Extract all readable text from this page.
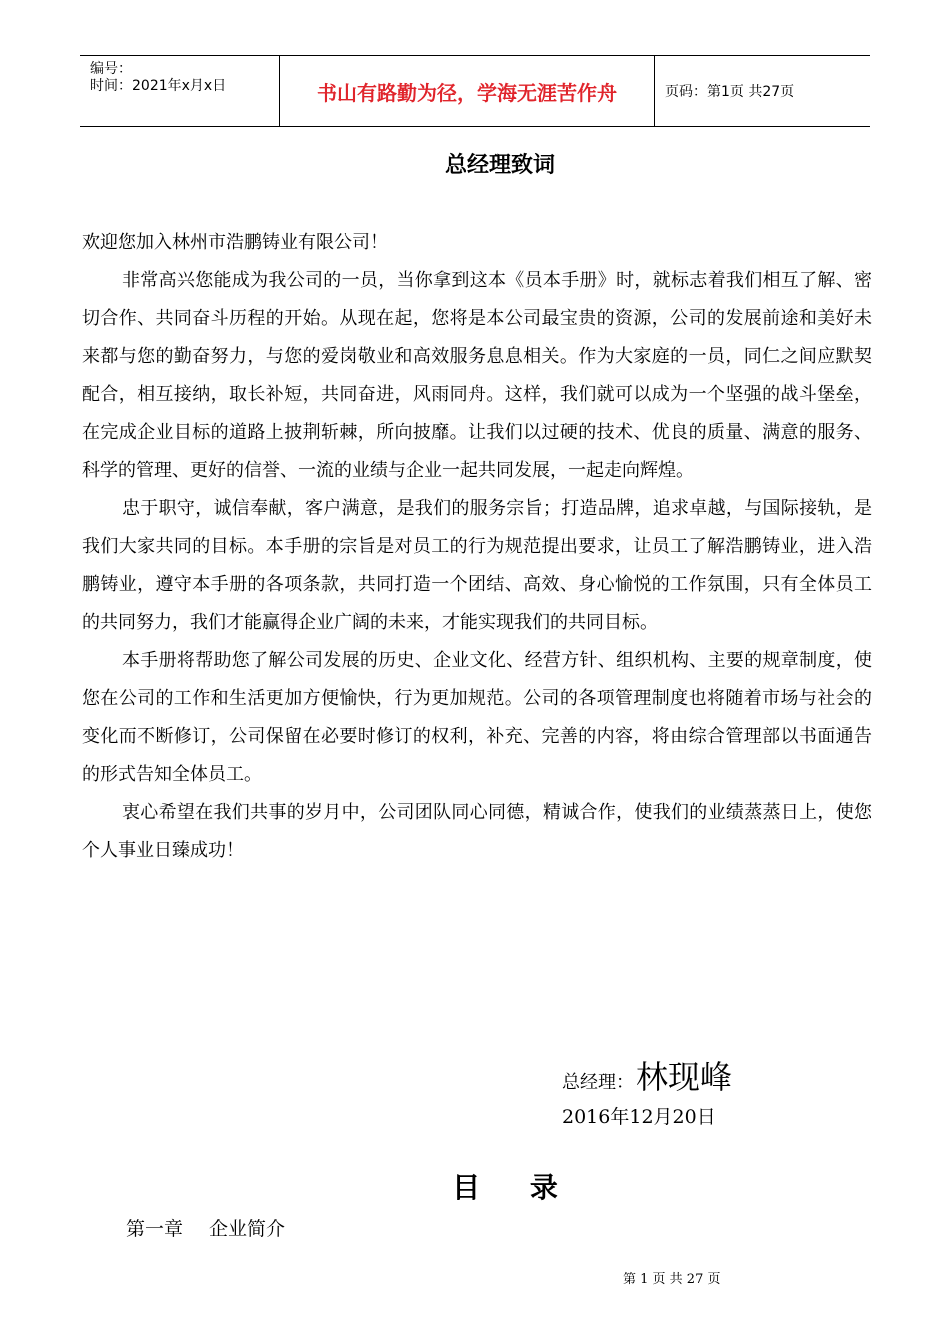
编号：
时间：2021年x月x日	书山有路勤为径，学海无涯苦作舟	页码：第1页 共27页
总经理致词

欢迎您加入林州市浩鹏铸业有限公司！

非常高兴您能成为我公司的一员，当你拿到这本《员本手册》时，就标志着我们相互了解、密切合作、共同奋斗历程的开始。从现在起，您将是本公司最宝贵的资源，公司的发展前途和美好未来都与您的勤奋努力，与您的爱岗敬业和高效服务息息相关。作为大家庭的一员，同仁之间应默契配合，相互接纳，取长补短，共同奋进，风雨同舟。这样，我们就可以成为一个坚强的战斗堡垒，在完成企业目标的道路上披荆斩棘，所向披靡。让我们以过硬的技术、优良的质量、满意的服务、科学的管理、更好的信誉、一流的业绩与企业一起共同发展，一起走向辉煌。

忠于职守，诚信奉献，客户满意，是我们的服务宗旨；打造品牌，追求卓越，与国际接轨，是我们大家共同的目标。本手册的宗旨是对员工的行为规范提出要求，让员工了解浩鹏铸业，进入浩鹏铸业，遵守本手册的各项条款，共同打造一个团结、高效、身心愉悦的工作氛围，只有全体员工的共同努力，我们才能赢得企业广阔的未来，才能实现我们的共同目标。

本手册将帮助您了解公司发展的历史、企业文化、经营方针、组织机构、主要的规章制度，使您在公司的工作和生活更加方便愉快，行为更加规范。公司的各项管理制度也将随着市场与社会的变化而不断修订，公司保留在必要时修订的权利，补充、完善的内容，将由综合管理部以书面通告的形式告知全体员工。

衷心希望在我们共事的岁月中，公司团队同心同德，精诚合作，使我们的业绩蒸蒸日上，使您个人事业日臻成功！

总经理： 林现峰
2016年12月20日
目 录
第一章 企业简介
第 1 页 共 27 页
